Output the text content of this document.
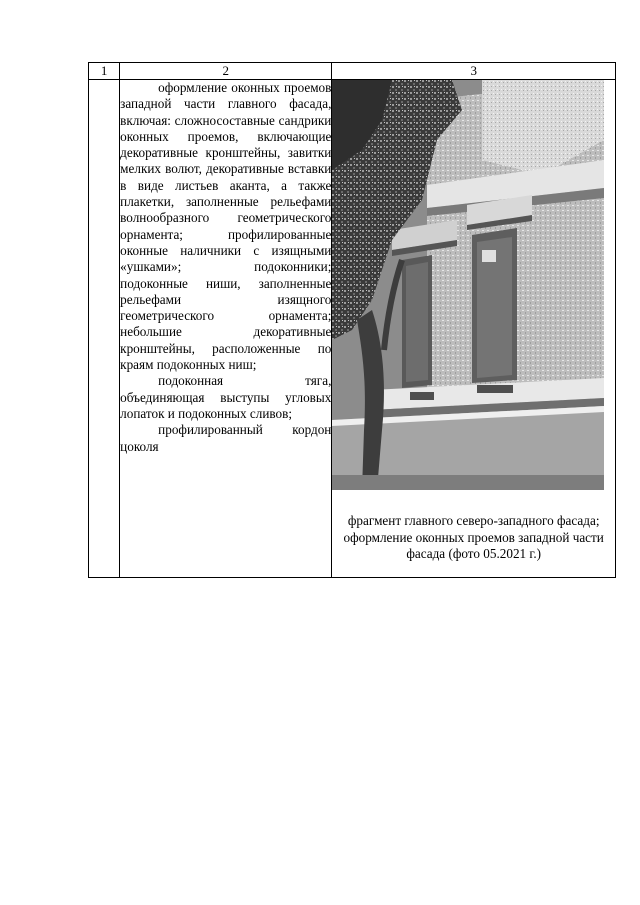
1	2	3

	оформление оконных проемов западной части главного фасада, включая: сложносоставные сандрики оконных проемов, включающие декоративные кронштейны, завитки мелких волют, декоративные вставки в виде листьев аканта, а также плакетки, заполненные рельефами волнообразного геометрического орнамента; профилированные оконные наличники с изящными «ушками»; подоконники; подоконные ниши, заполненные рельефами изящного геометрического орнамента; небольшие декоративные кронштейны, расположенные по краям подоконных ниш;

подоконная тяга, объединяющая выступы угловых лопаток и подоконных сливов;

профилированный кордон цоколя	фрагмент главного северо-западного фасада; оформление оконных проемов западной части фасада (фото 05.2021 г.)
